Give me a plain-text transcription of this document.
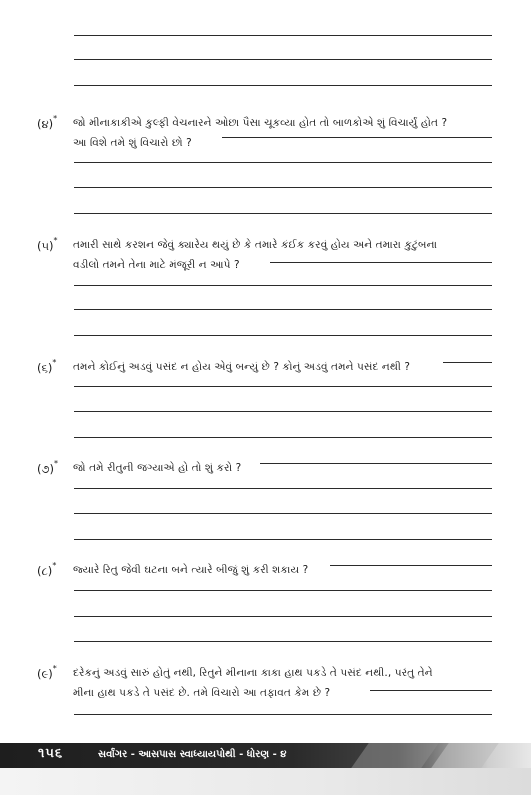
(૪)* જો મીનાકાકીએ કુલ્ફી વેચનારને ઓછા પૈસા ચૂકવ્યા હોત તો બાળકોએ શું વિચાર્યું હોત ?
આ વિશે તમે શું વિચારો છો ?
(૫)* તમારી સાથે કરશન જેવું ક્યારેય થયું છે કે તમારે કંઈક કરવું હોય અને તમારા કુટુંબના
વડીલો તમને તેના માટે મંજૂરી ન આપે ?
(૬)* તમને કોઈનું અડવું પસંદ ન હોય એવું બન્યું છે ? કોનું અડવું તમને પસંદ નથી ?
(૭)* જો તમે રીતુની જગ્યાએ હો તો શું કરો ?
(૮)* જ્યારે રિતુ જેવી ઘટના બને ત્યારે બીજું શું કરી શકાય ?
(૯)* દરેકનું અડવું સારું હોતું નથી, રિતુને મીનાના કાકા હાથ પકડે તે પસંદ નથી., પરંતુ તેને
મીના હાથ પકડે તે પસંદ છે. તમે વિચારો આ તફાવત કેમ છે ?
૧૫૬	સર્વાંગર - આસપાસ સ્વાધ્યાયપોથી - ધોરણ - ૪
